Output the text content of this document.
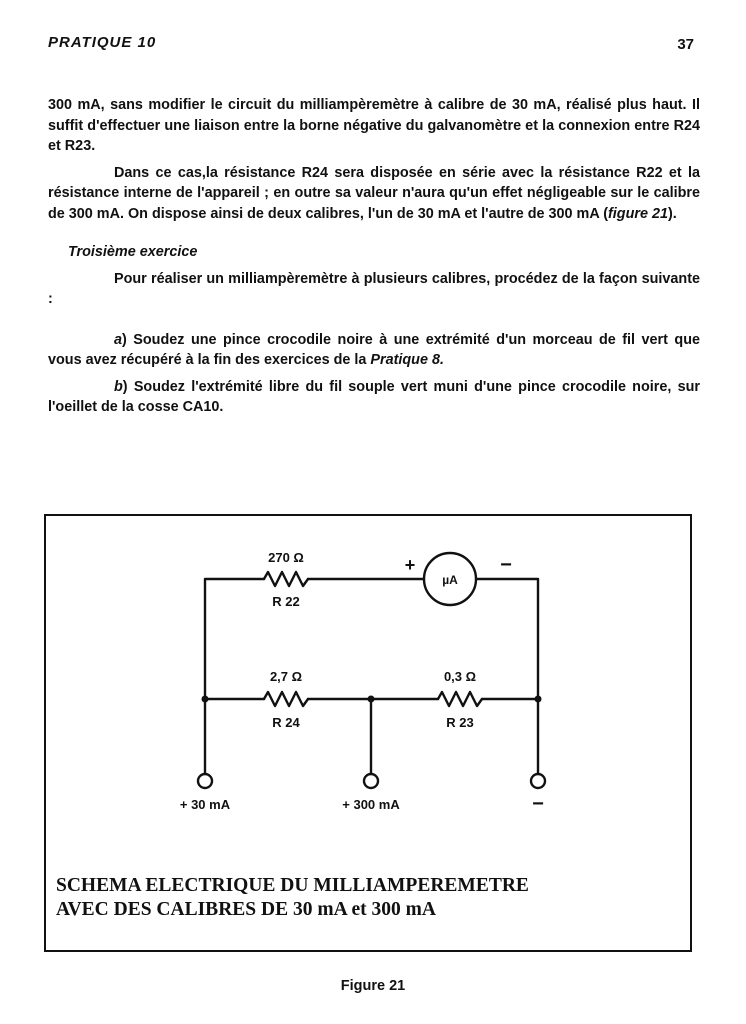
PRATIQUE 10	37

300 mA, sans modifier le circuit du milliampèremètre à calibre de 30 mA, réalisé plus haut. Il suffit d'effectuer une liaison entre la borne négative du galvanomètre et la connexion entre R24 et R23.

Dans ce cas,la résistance R24 sera disposée en série avec la résistance R22 et la résistance interne de l'appareil ; en outre sa valeur n'aura qu'un effet négligeable sur le calibre de 300 mA. On dispose ainsi de deux calibres, l'un de 30 mA et l'autre de 300 mA (figure 21).

Troisième exercice

Pour réaliser un milliampèremètre à plusieurs calibres, procédez de la façon suivante :

a) Soudez une pince crocodile noire à une extrémité d'un morceau de fil vert que vous avez récupéré à la fin des exercices de la Pratique 8.

b) Soudez l'extrémité libre du fil souple vert muni d'une pince crocodile noire, sur l'oeillet de la cosse CA10.

270 Ω
R 22
µA
+	−
2,7 Ω
R 24
0,3 Ω
R 23
+ 30 mA	+ 300 mA	−
SCHEMA ELECTRIQUE DU MILLIAMPEREMETRE
AVEC DES CALIBRES DE 30 mA et 300 mA
Figure 21
